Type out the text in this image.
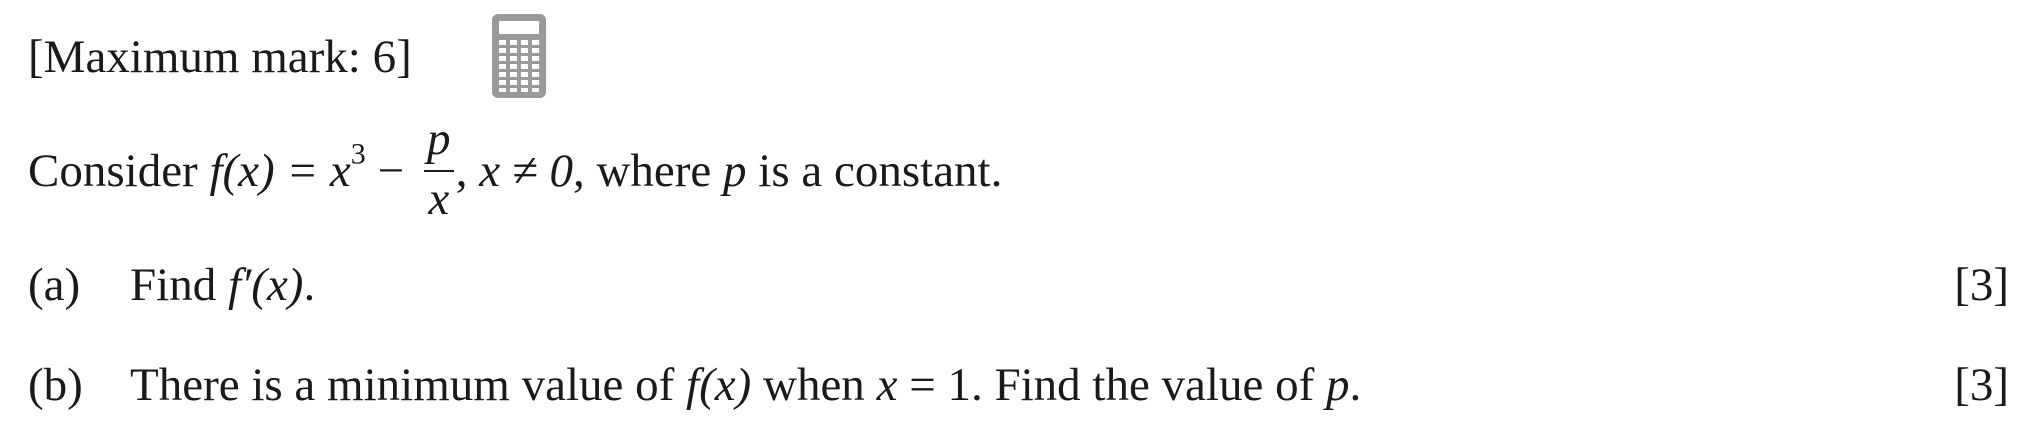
[Maximum mark: 6]
Consider $f(x) = x^3 - \frac{p}{x}$ , x ≠ 0, where p is a constant.
(a) Find f′(x).	[3]
(b) There is a minimum value of f(x) when x = 1. Find the value of p.	[3]
